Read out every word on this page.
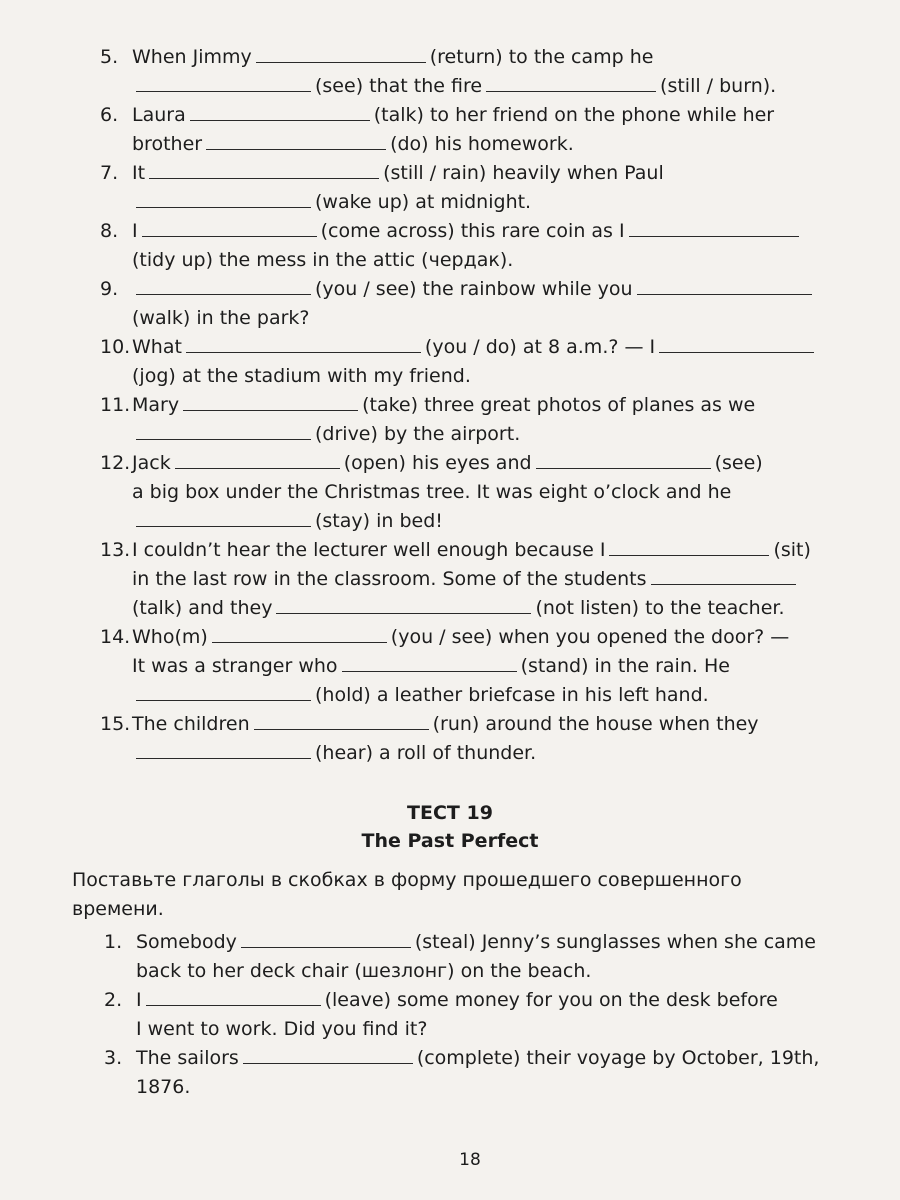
5. When Jimmy	(return) to the camp he
(see) that the fire	(still / burn).
6. Laura	(talk) to her friend on the phone while her
brother	(do) his homework.
7. It	(still / rain) heavily when Paul
(wake up) at midnight.
8. I	(come across) this rare coin as I
(tidy up) the mess in the attic (чердак).
9.	(you / see) the rainbow while you
(walk) in the park?
10.What	(you / do) at 8 a.m.? — I
(jog) at the stadium with my friend.
11.Mary	(take) three great photos of planes as we
(drive) by the airport.
12.Jack	(open) his eyes and	(see)
a big box under the Christmas tree. It was eight o’clock and he
(stay) in bed!
13.I couldn’t hear the lecturer well enough because I	(sit)
in the last row in the classroom. Some of the students
(talk) and they	(not listen) to the teacher.
14.Who(m)	(you / see) when you opened the door? —
It was a stranger who	(stand) in the rain. He
(hold) a leather briefcase in his left hand.
15.The children	(run) around the house when they
(hear) a roll of thunder.
ТЕСТ 19
The Past Perfect
Поставьте глаголы в скобках в форму прошедшего совершенного времени.
1. Somebody	(steal) Jenny’s sunglasses when she came
back to her deck chair (шезлонг) on the beach.
2. I	(leave) some money for you on the desk before
I went to work. Did you find it?
3. The sailors	(complete) their voyage by October, 19th,
1876.
18
